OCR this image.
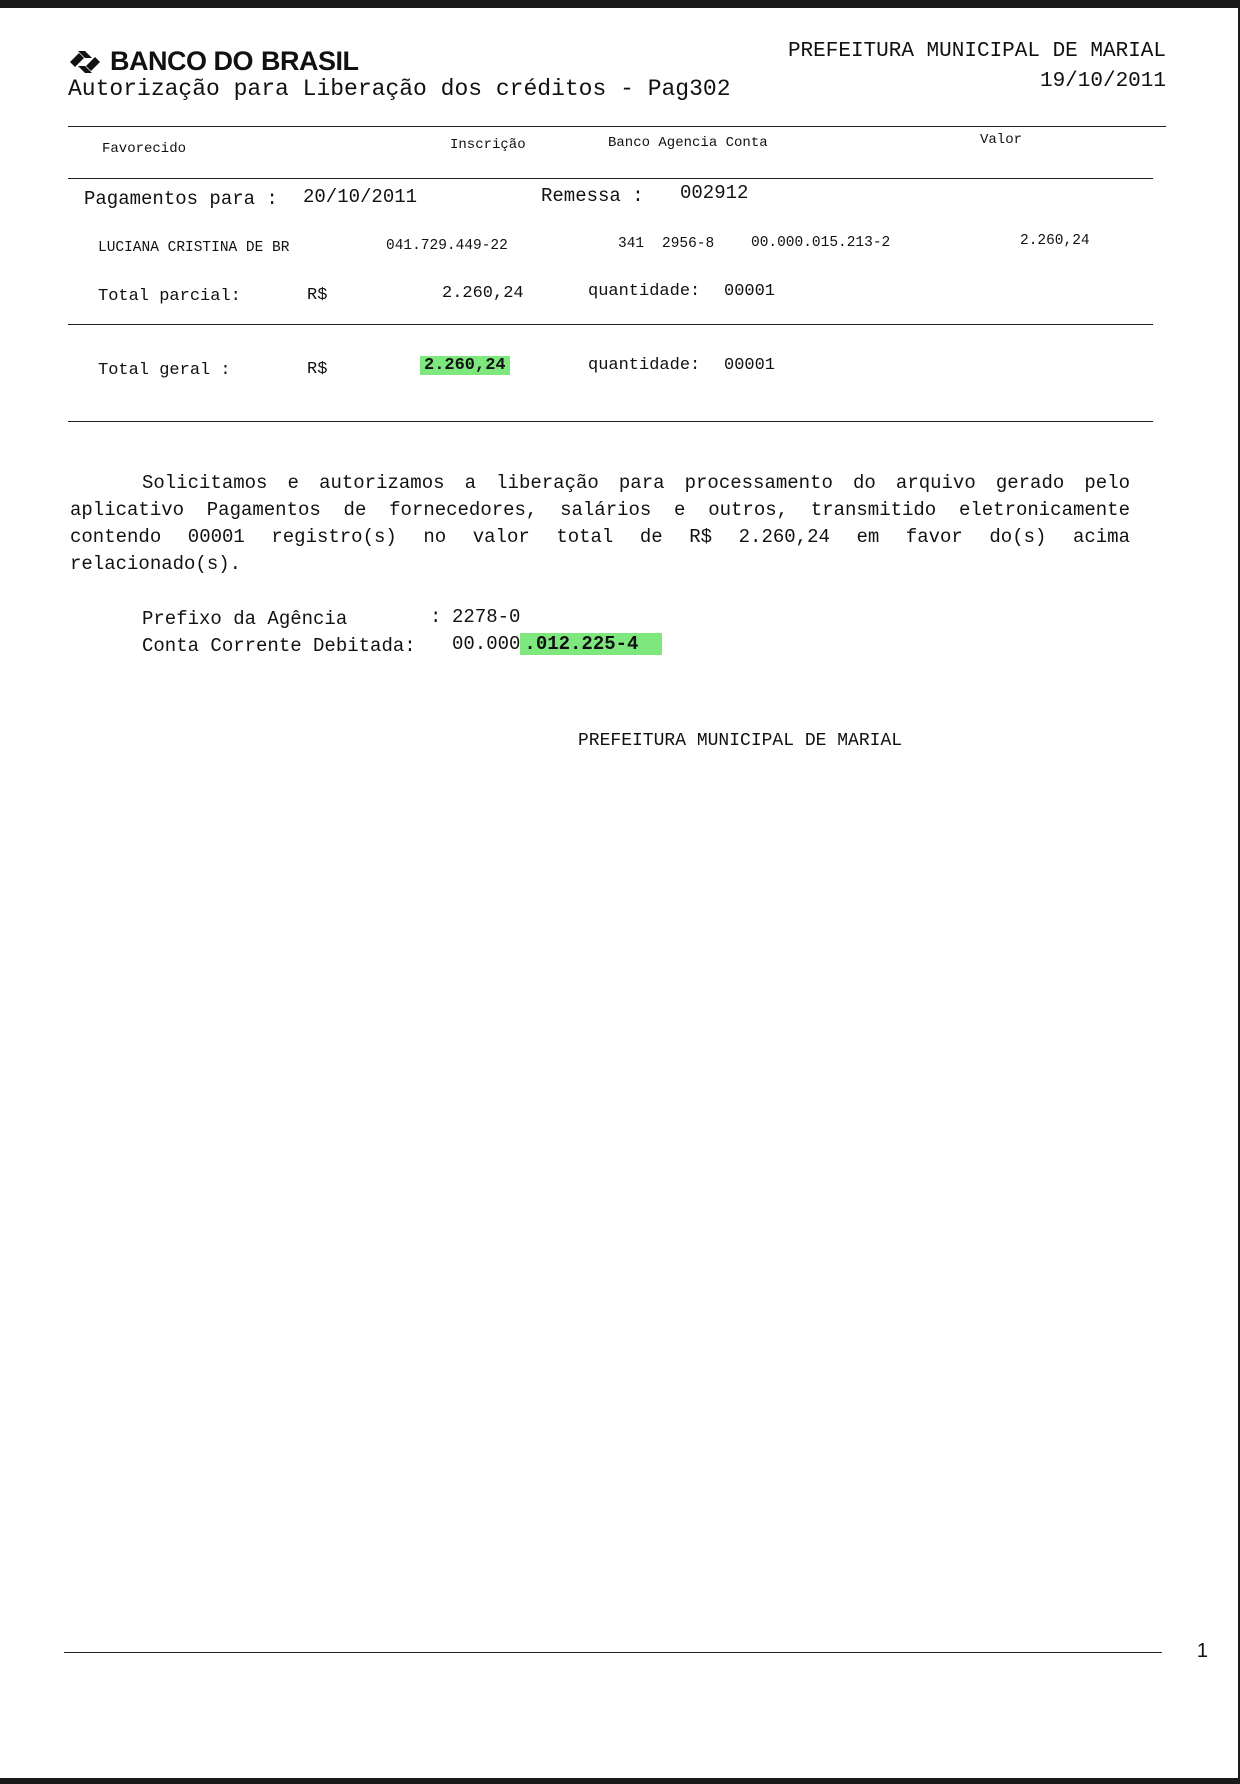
BANCO DO BRASIL
Autorização para Liberação dos créditos - Pag302
PREFEITURA MUNICIPAL DE MARIAL
19/10/2011
Favorecido	Inscrição	Banco Agencia Conta	Valor
Pagamentos para : 20/10/2011	Remessa : 002912
LUCIANA CRISTINA DE BR	041.729.449-22	341 2956-8	00.000.015.213-2	2.260,24
Total parcial:	R$	2.260,24	quantidade: 00001
Total geral :	R$	2.260,24	quantidade: 00001

Solicitamos e autorizamos a liberação para processamento do arquivo gerado pelo aplicativo Pagamentos de fornecedores, salários e outros, transmitido eletronicamente contendo 00001 registro(s) no valor total de R$ 2.260,24 em favor do(s) acima relacionado(s).

Prefixo da Agência	: 2278-0
Conta Corrente Debitada: 00.000 .012.225-4
PREFEITURA MUNICIPAL DE MARIAL
1
